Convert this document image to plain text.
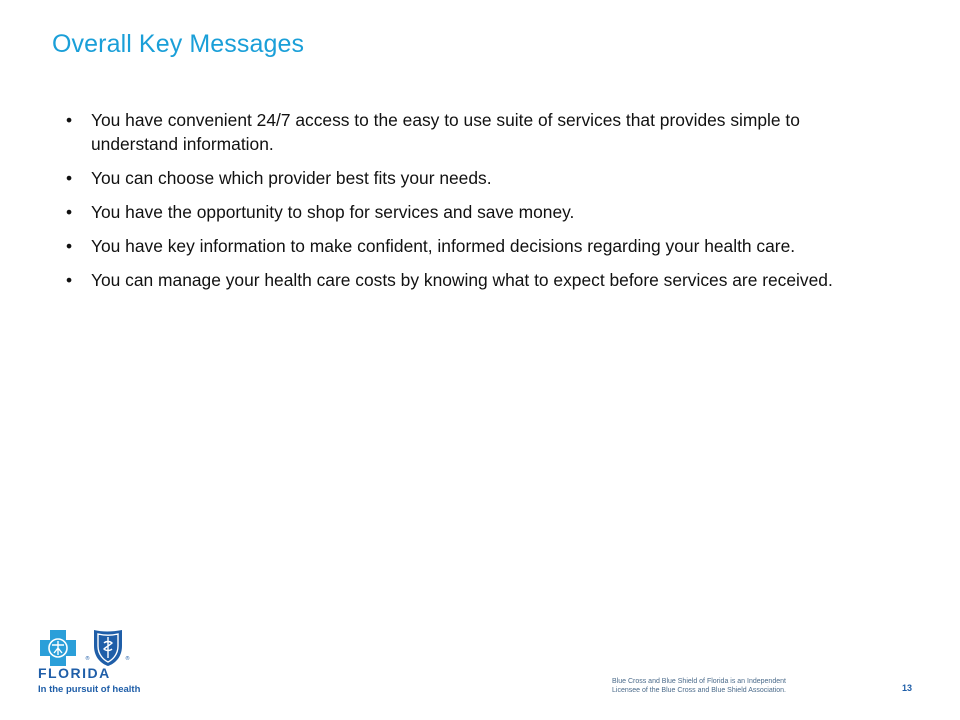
Overall Key Messages
• You have convenient 24/7 access to the easy to use suite of services that provides simple to understand information.
• You can choose which provider best fits your needs.
• You have the opportunity to shop for services and save money.
• You have key information to make confident, informed decisions regarding your health care.
• You can manage your health care costs by knowing what to expect before services are received.
®	®

FLORIDA

In the pursuit of health

Blue Cross and Blue Shield of Florida is an Independent
Licensee of the Blue Cross and Blue Shield Association.	13
